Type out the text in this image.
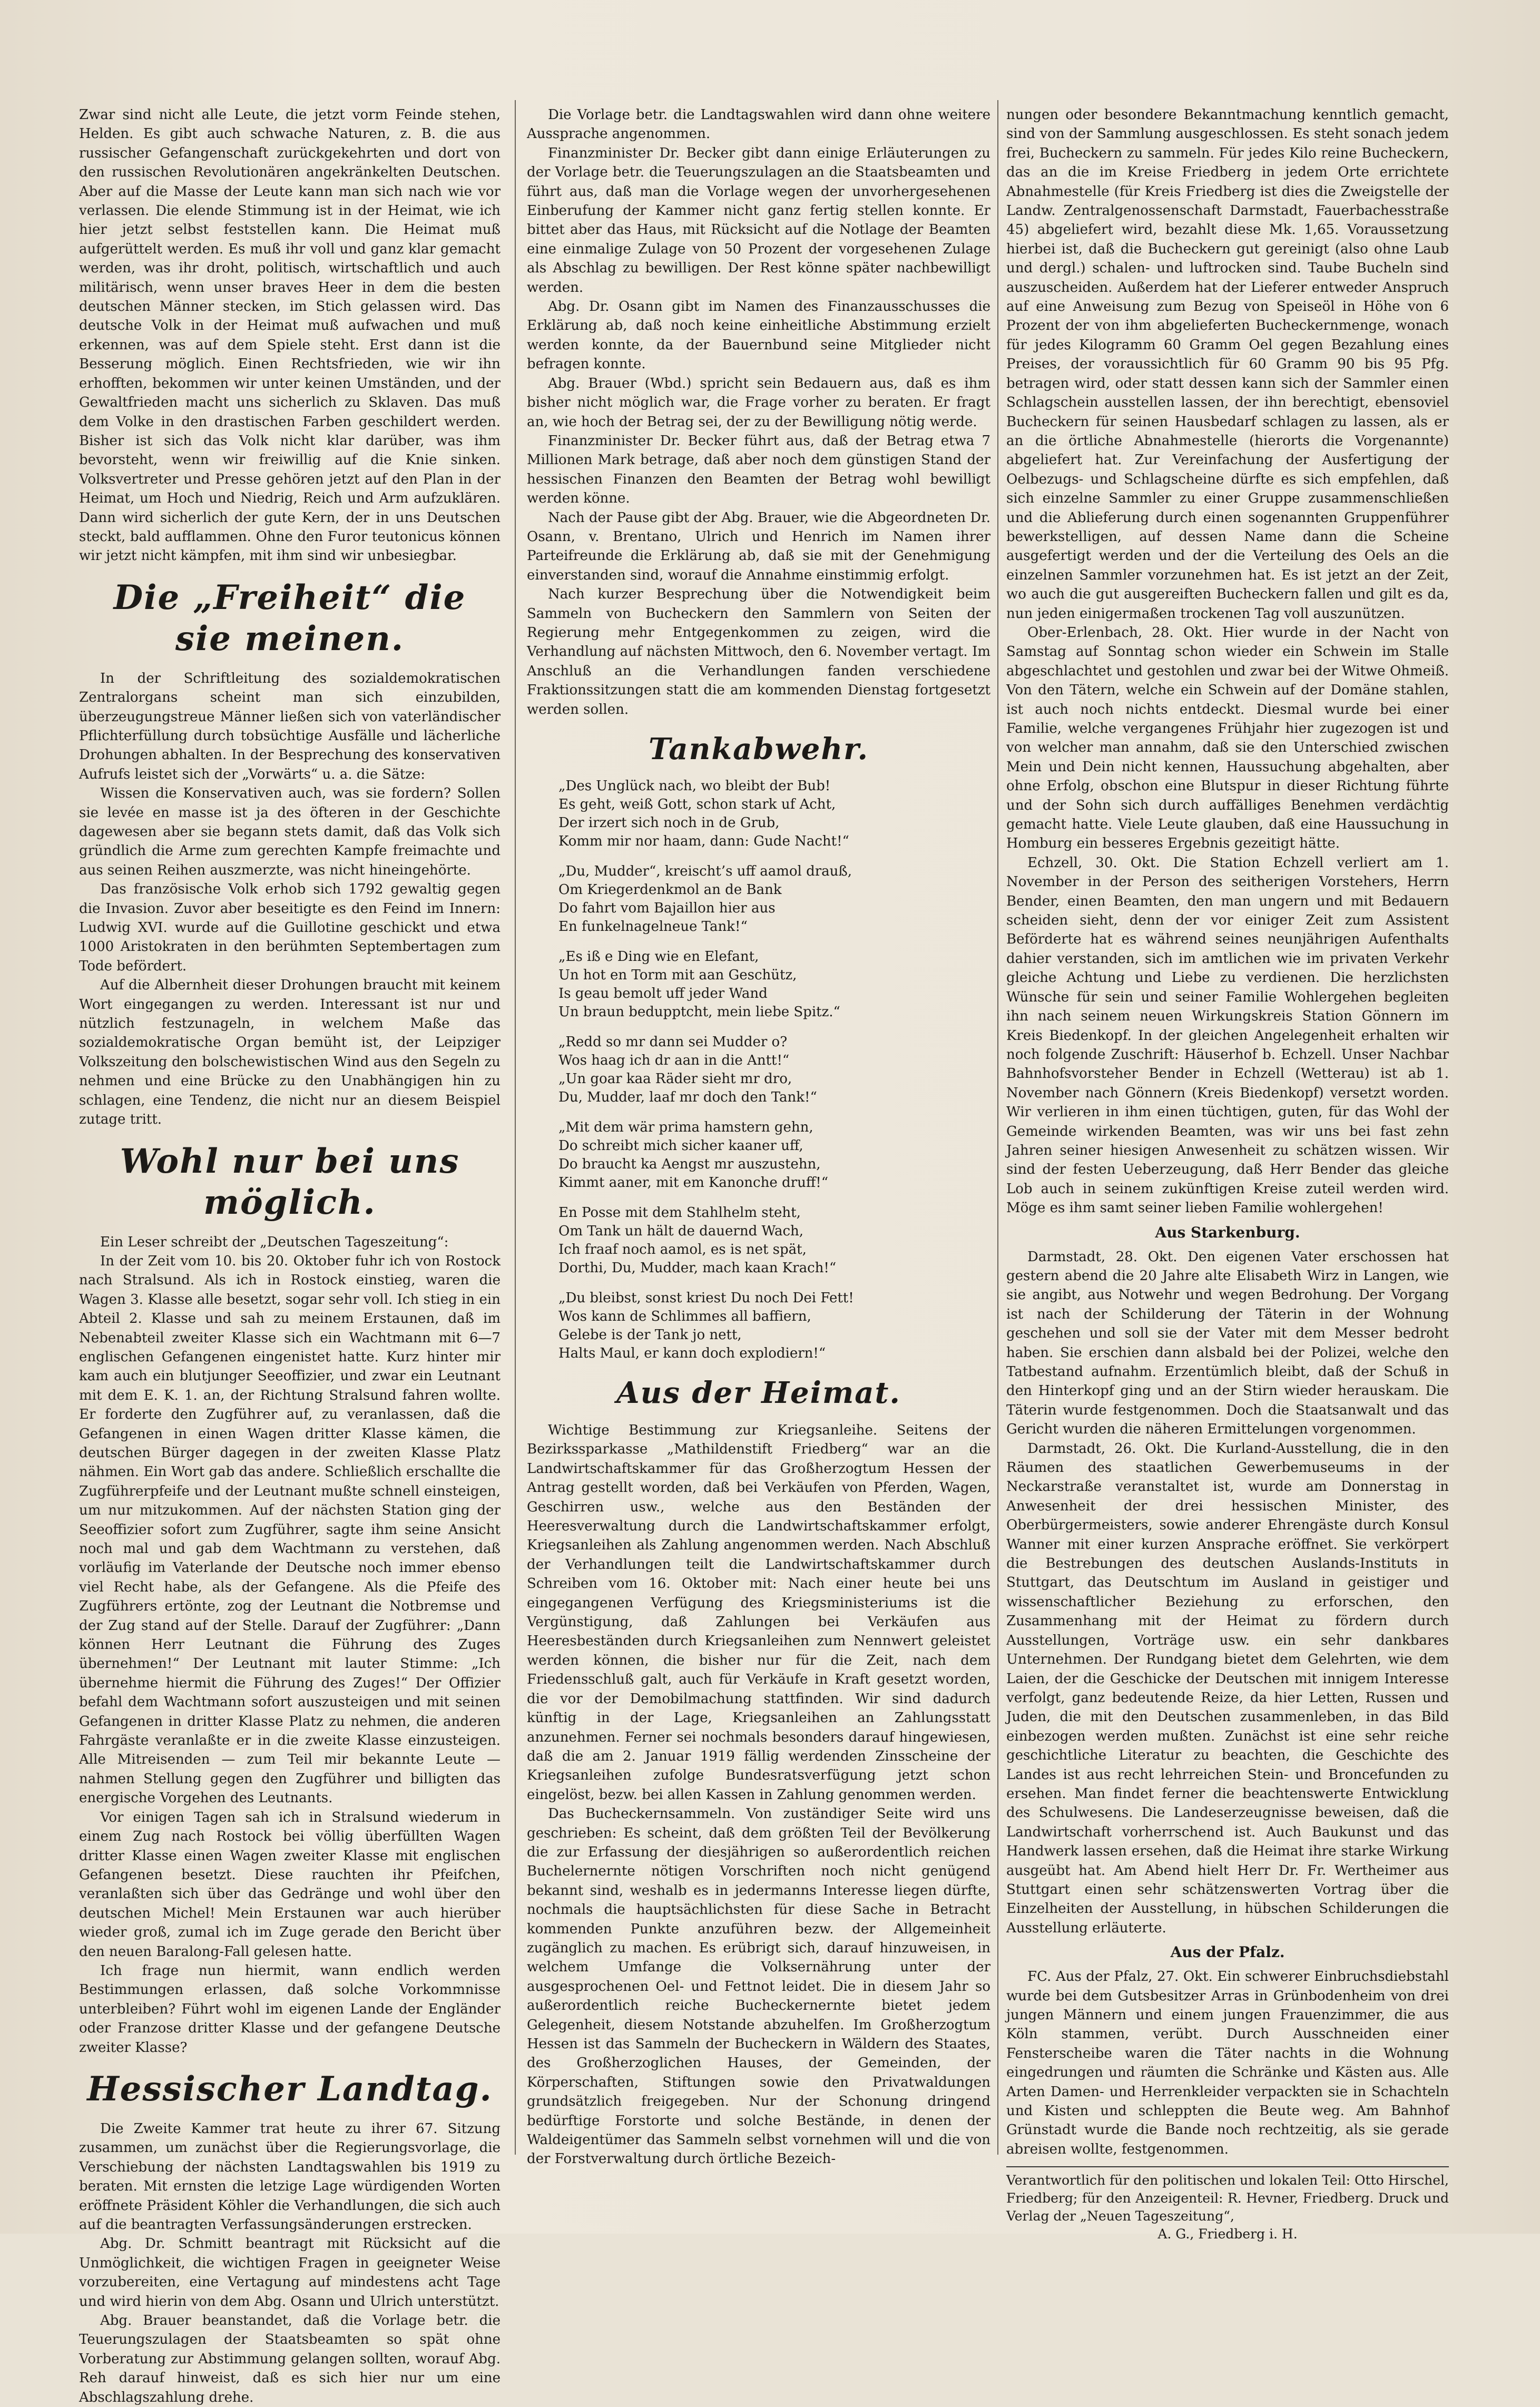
Zwar sind nicht alle Leute, die jetzt vorm Feinde stehen, Helden. Es gibt auch schwache Naturen, z. B. die aus russischer Gefangenschaft zurückgekehrten und dort von den russischen Revolutionären angekränkelten Deutschen. Aber auf die Masse der Leute kann man sich nach wie vor verlassen. Die elende Stimmung ist in der Heimat, wie ich hier jetzt selbst feststellen kann. Die Heimat muß aufgerüttelt werden. Es muß ihr voll und ganz klar gemacht werden, was ihr droht, politisch, wirtschaftlich und auch militärisch, wenn unser braves Heer in dem die besten deutschen Männer stecken, im Stich gelassen wird. Das deutsche Volk in der Heimat muß aufwachen und muß erkennen, was auf dem Spiele steht. Erst dann ist die Besserung möglich. Einen Rechtsfrieden, wie wir ihn erhofften, bekommen wir unter keinen Umständen, und der Gewaltfrieden macht uns sicherlich zu Sklaven. Das muß dem Volke in den drastischen Farben geschildert werden. Bisher ist sich das Volk nicht klar darüber, was ihm bevorsteht, wenn wir freiwillig auf die Knie sinken. Volksvertreter und Presse gehören jetzt auf den Plan in der Heimat, um Hoch und Niedrig, Reich und Arm aufzuklären. Dann wird sicherlich der gute Kern, der in uns Deutschen steckt, bald aufflammen. Ohne den Furor teutonicus können wir jetzt nicht kämpfen, mit ihm sind wir unbesiegbar.

Die „Freiheit“ die sie meinen.

In der Schriftleitung des sozialdemokratischen Zentralorgans scheint man sich einzubilden, überzeugungstreue Männer ließen sich von vaterländischer Pflichterfüllung durch tobsüchtige Ausfälle und lächerliche Drohungen abhalten. In der Besprechung des konservativen Aufrufs leistet sich der „Vorwärts“ u. a. die Sätze:

Wissen die Konservativen auch, was sie fordern? Sollen sie levée en masse ist ja des öfteren in der Geschichte dagewesen aber sie begann stets damit, daß das Volk sich gründlich die Arme zum gerechten Kampfe freimachte und aus seinen Reihen auszmerzte, was nicht hineingehörte.

Das französische Volk erhob sich 1792 gewaltig gegen die Invasion. Zuvor aber beseitigte es den Feind im Innern: Ludwig XVI. wurde auf die Guillotine geschickt und etwa 1000 Aristokraten in den berühmten Septembertagen zum Tode befördert.

Auf die Albernheit dieser Drohungen braucht mit keinem Wort eingegangen zu werden. Interessant ist nur und nützlich festzunageln, in welchem Maße das sozialdemokratische Organ bemüht ist, der Leipziger Volkszeitung den bolschewistischen Wind aus den Segeln zu nehmen und eine Brücke zu den Unabhängigen hin zu schlagen, eine Tendenz, die nicht nur an diesem Beispiel zutage tritt.

Wohl nur bei uns möglich.

Ein Leser schreibt der „Deutschen Tageszeitung“:

In der Zeit vom 10. bis 20. Oktober fuhr ich von Rostock nach Stralsund. Als ich in Rostock einstieg, waren die Wagen 3. Klasse alle besetzt, sogar sehr voll. Ich stieg in ein Abteil 2. Klasse und sah zu meinem Erstaunen, daß im Nebenabteil zweiter Klasse sich ein Wachtmann mit 6—7 englischen Gefangenen eingenistet hatte. Kurz hinter mir kam auch ein blutjunger Seeoffizier, und zwar ein Leutnant mit dem E. K. 1. an, der Richtung Stralsund fahren wollte. Er forderte den Zugführer auf, zu veranlassen, daß die Gefangenen in einen Wagen dritter Klasse kämen, die deutschen Bürger dagegen in der zweiten Klasse Platz nähmen. Ein Wort gab das andere. Schließlich erschallte die Zugführerpfeife und der Leutnant mußte schnell einsteigen, um nur mitzukommen. Auf der nächsten Station ging der Seeoffizier sofort zum Zugführer, sagte ihm seine Ansicht noch mal und gab dem Wachtmann zu verstehen, daß vorläufig im Vaterlande der Deutsche noch immer ebenso viel Recht habe, als der Gefangene. Als die Pfeife des Zugführers ertönte, zog der Leutnant die Notbremse und der Zug stand auf der Stelle. Darauf der Zugführer: „Dann können Herr Leutnant die Führung des Zuges übernehmen!“ Der Leutnant mit lauter Stimme: „Ich übernehme hiermit die Führung des Zuges!“ Der Offizier befahl dem Wachtmann sofort auszusteigen und mit seinen Gefangenen in dritter Klasse Platz zu nehmen, die anderen Fahrgäste veranlaßte er in die zweite Klasse einzusteigen. Alle Mitreisenden — zum Teil mir bekannte Leute — nahmen Stellung gegen den Zugführer und billigten das energische Vorgehen des Leutnants.

Vor einigen Tagen sah ich in Stralsund wiederum in einem Zug nach Rostock bei völlig überfüllten Wagen dritter Klasse einen Wagen zweiter Klasse mit englischen Gefangenen besetzt. Diese rauchten ihr Pfeifchen, veranlaßten sich über das Gedränge und wohl über den deutschen Michel! Mein Erstaunen war auch hierüber wieder groß, zumal ich im Zuge gerade den Bericht über den neuen Baralong-Fall gelesen hatte.

Ich frage nun hiermit, wann endlich werden Bestimmungen erlassen, daß solche Vorkommnisse unterbleiben? Führt wohl im eigenen Lande der Engländer oder Franzose dritter Klasse und der gefangene Deutsche zweiter Klasse?

Hessischer Landtag.

Die Zweite Kammer trat heute zu ihrer 67. Sitzung zusammen, um zunächst über die Regierungsvorlage, die Verschiebung der nächsten Landtagswahlen bis 1919 zu beraten. Mit ernsten die letzige Lage würdigenden Worten eröffnete Präsident Köhler die Verhandlungen, die sich auch auf die beantragten Verfassungsänderungen erstrecken.

Abg. Dr. Schmitt beantragt mit Rücksicht auf die Unmöglichkeit, die wichtigen Fragen in geeigneter Weise vorzubereiten, eine Vertagung auf mindestens acht Tage und wird hierin von dem Abg. Osann und Ulrich unterstützt.

Abg. Brauer beanstandet, daß die Vorlage betr. die Teuerungszulagen der Staatsbeamten so spät ohne Vorberatung zur Abstimmung gelangen sollten, worauf Abg. Reh darauf hinweist, daß es sich hier nur um eine Abschlagszahlung drehe.

Die Vorlage betr. die Landtagswahlen wird dann ohne weitere Aussprache angenommen.

Finanzminister Dr. Becker gibt dann einige Erläuterungen zu der Vorlage betr. die Teuerungszulagen an die Staatsbeamten und führt aus, daß man die Vorlage wegen der unvorhergesehenen Einberufung der Kammer nicht ganz fertig stellen konnte. Er bittet aber das Haus, mit Rücksicht auf die Notlage der Beamten eine einmalige Zulage von 50 Prozent der vorgesehenen Zulage als Abschlag zu bewilligen. Der Rest könne später nachbewilligt werden.

Abg. Dr. Osann gibt im Namen des Finanzausschusses die Erklärung ab, daß noch keine einheitliche Abstimmung erzielt werden konnte, da der Bauernbund seine Mitglieder nicht befragen konnte.

Abg. Brauer (Wbd.) spricht sein Bedauern aus, daß es ihm bisher nicht möglich war, die Frage vorher zu beraten. Er fragt an, wie hoch der Betrag sei, der zu der Bewilligung nötig werde.

Finanzminister Dr. Becker führt aus, daß der Betrag etwa 7 Millionen Mark betrage, daß aber noch dem günstigen Stand der hessischen Finanzen den Beamten der Betrag wohl bewilligt werden könne.

Nach der Pause gibt der Abg. Brauer, wie die Abgeordneten Dr. Osann, v. Brentano, Ulrich und Henrich im Namen ihrer Parteifreunde die Erklärung ab, daß sie mit der Genehmigung einverstanden sind, worauf die Annahme einstimmig erfolgt.

Nach kurzer Besprechung über die Notwendigkeit beim Sammeln von Bucheckern den Sammlern von Seiten der Regierung mehr Entgegenkommen zu zeigen, wird die Verhandlung auf nächsten Mittwoch, den 6. November vertagt. Im Anschluß an die Verhandlungen fanden verschiedene Fraktionssitzungen statt die am kommenden Dienstag fortgesetzt werden sollen.

Tankabwehr.
„Des Unglück nach, wo bleibt der Bub!
Es geht, weiß Gott, schon stark uf Acht,
Der irzert sich noch in de Grub,
Komm mir nor haam, dann: Gude Nacht!“
„Du, Mudder“, kreischt’s uff aamol drauß,
Om Kriegerdenkmol an de Bank
Do fahrt vom Bajaillon hier aus
En funkelnagelneue Tank!“
„Es iß e Ding wie en Elefant,
Un hot en Torm mit aan Geschütz,
Is geau bemolt uff jeder Wand
Un braun bedupptcht, mein liebe Spitz.“
„Redd so mr dann sei Mudder o?
Wos haag ich dr aan in die Antt!“
„Un goar kaa Räder sieht mr dro,
Du, Mudder, laaf mr doch den Tank!“
„Mit dem wär prima hamstern gehn,
Do schreibt mich sicher kaaner uff,
Do braucht ka Aengst mr auszustehn,
Kimmt aaner, mit em Kanonche druff!“
En Posse mit dem Stahlhelm steht,
Om Tank un hält de dauernd Wach,
Ich fraaf noch aamol, es is net spät,
Dorthi, Du, Mudder, mach kaan Krach!“
„Du bleibst, sonst kriest Du noch Dei Fett!
Wos kann de Schlimmes all baffiern,
Gelebe is der Tank jo nett,
Halts Maul, er kann doch explodiern!“
Aus der Heimat.

Wichtige Bestimmung zur Kriegsanleihe. Seitens der Bezirkssparkasse „Mathildenstift Friedberg“ war an die Landwirtschaftskammer für das Großherzogtum Hessen der Antrag gestellt worden, daß bei Verkäufen von Pferden, Wagen, Geschirren usw., welche aus den Beständen der Heeresverwaltung durch die Landwirtschaftskammer erfolgt, Kriegsanleihen als Zahlung angenommen werden. Nach Abschluß der Verhandlungen teilt die Landwirtschaftskammer durch Schreiben vom 16. Oktober mit: Nach einer heute bei uns eingegangenen Verfügung des Kriegsministeriums ist die Vergünstigung, daß Zahlungen bei Verkäufen aus Heeresbeständen durch Kriegsanleihen zum Nennwert geleistet werden können, die bisher nur für die Zeit, nach dem Friedensschluß galt, auch für Verkäufe in Kraft gesetzt worden, die vor der Demobilmachung stattfinden. Wir sind dadurch künftig in der Lage, Kriegsanleihen an Zahlungsstatt anzunehmen. Ferner sei nochmals besonders darauf hingewiesen, daß die am 2. Januar 1919 fällig werdenden Zinsscheine der Kriegsanleihen zufolge Bundesratsverfügung jetzt schon eingelöst, bezw. bei allen Kassen in Zahlung genommen werden.

Das Bucheckernsammeln. Von zuständiger Seite wird uns geschrieben: Es scheint, daß dem größten Teil der Bevölkerung die zur Erfassung der diesjährigen so außerordentlich reichen Buchelernernte nötigen Vorschriften noch nicht genügend bekannt sind, weshalb es in jedermanns Interesse liegen dürfte, nochmals die hauptsächlichsten für diese Sache in Betracht kommenden Punkte anzuführen bezw. der Allgemeinheit zugänglich zu machen. Es erübrigt sich, darauf hinzuweisen, in welchem Umfange die Volksernährung unter der ausgesprochenen Oel- und Fettnot leidet. Die in diesem Jahr so außerordentlich reiche Bucheckernernte bietet jedem Gelegenheit, diesem Notstande abzuhelfen. Im Großherzogtum Hessen ist das Sammeln der Bucheckern in Wäldern des Staates, des Großherzoglichen Hauses, der Gemeinden, der Körperschaften, Stiftungen sowie den Privatwaldungen grundsätzlich freigegeben. Nur der Schonung dringend bedürftige Forstorte und solche Bestände, in denen der Waldeigentümer das Sammeln selbst vornehmen will und die von der Forstverwaltung durch örtliche Bezeich-

nungen oder besondere Bekanntmachung kenntlich gemacht, sind von der Sammlung ausgeschlossen. Es steht sonach jedem frei, Bucheckern zu sammeln. Für jedes Kilo reine Bucheckern, das an die im Kreise Friedberg in jedem Orte errichtete Abnahmestelle (für Kreis Friedberg ist dies die Zweigstelle der Landw. Zentralgenossenschaft Darmstadt, Fauerbachesstraße 45) abgeliefert wird, bezahlt diese Mk. 1,65. Voraussetzung hierbei ist, daß die Bucheckern gut gereinigt (also ohne Laub und dergl.) schalen- und luftrocken sind. Taube Bucheln sind auszuscheiden. Außerdem hat der Lieferer entweder Anspruch auf eine Anweisung zum Bezug von Speiseöl in Höhe von 6 Prozent der von ihm abgelieferten Bucheckernmenge, wonach für jedes Kilogramm 60 Gramm Oel gegen Bezahlung eines Preises, der voraussichtlich für 60 Gramm 90 bis 95 Pfg. betragen wird, oder statt dessen kann sich der Sammler einen Schlagschein ausstellen lassen, der ihn berechtigt, ebensoviel Bucheckern für seinen Hausbedarf schlagen zu lassen, als er an die örtliche Abnahmestelle (hierorts die Vorgenannte) abgeliefert hat. Zur Vereinfachung der Ausfertigung der Oelbezugs- und Schlagscheine dürfte es sich empfehlen, daß sich einzelne Sammler zu einer Gruppe zusammenschließen und die Ablieferung durch einen sogenannten Gruppenführer bewerkstelligen, auf dessen Name dann die Scheine ausgefertigt werden und der die Verteilung des Oels an die einzelnen Sammler vorzunehmen hat. Es ist jetzt an der Zeit, wo auch die gut ausgereiften Bucheckern fallen und gilt es da, nun jeden einigermaßen trockenen Tag voll auszunützen.

Ober-Erlenbach, 28. Okt. Hier wurde in der Nacht von Samstag auf Sonntag schon wieder ein Schwein im Stalle abgeschlachtet und gestohlen und zwar bei der Witwe Ohmeiß. Von den Tätern, welche ein Schwein auf der Domäne stahlen, ist auch noch nichts entdeckt. Diesmal wurde bei einer Familie, welche vergangenes Frühjahr hier zugezogen ist und von welcher man annahm, daß sie den Unterschied zwischen Mein und Dein nicht kennen, Haussuchung abgehalten, aber ohne Erfolg, obschon eine Blutspur in dieser Richtung führte und der Sohn sich durch auffälliges Benehmen verdächtig gemacht hatte. Viele Leute glauben, daß eine Haussuchung in Homburg ein besseres Ergebnis gezeitigt hätte.

Echzell, 30. Okt. Die Station Echzell verliert am 1. November in der Person des seitherigen Vorstehers, Herrn Bender, einen Beamten, den man ungern und mit Bedauern scheiden sieht, denn der vor einiger Zeit zum Assistent Beförderte hat es während seines neunjährigen Aufenthalts dahier verstanden, sich im amtlichen wie im privaten Verkehr gleiche Achtung und Liebe zu verdienen. Die herzlichsten Wünsche für sein und seiner Familie Wohlergehen begleiten ihn nach seinem neuen Wirkungskreis Station Gönnern im Kreis Biedenkopf. In der gleichen Angelegenheit erhalten wir noch folgende Zuschrift: Häuserhof b. Echzell. Unser Nachbar Bahnhofsvorsteher Bender in Echzell (Wetterau) ist ab 1. November nach Gönnern (Kreis Biedenkopf) versetzt worden. Wir verlieren in ihm einen tüchtigen, guten, für das Wohl der Gemeinde wirkenden Beamten, was wir uns bei fast zehn Jahren seiner hiesigen Anwesenheit zu schätzen wissen. Wir sind der festen Ueberzeugung, daß Herr Bender das gleiche Lob auch in seinem zukünftigen Kreise zuteil werden wird. Möge es ihm samt seiner lieben Familie wohlergehen!

Aus Starkenburg.

Darmstadt, 28. Okt. Den eigenen Vater erschossen hat gestern abend die 20 Jahre alte Elisabeth Wirz in Langen, wie sie angibt, aus Notwehr und wegen Bedrohung. Der Vorgang ist nach der Schilderung der Täterin in der Wohnung geschehen und soll sie der Vater mit dem Messer bedroht haben. Sie erschien dann alsbald bei der Polizei, welche den Tatbestand aufnahm. Erzentümlich bleibt, daß der Schuß in den Hinterkopf ging und an der Stirn wieder herauskam. Die Täterin wurde festgenommen. Doch die Staatsanwalt und das Gericht wurden die näheren Ermittelungen vorgenommen.

Darmstadt, 26. Okt. Die Kurland-Ausstellung, die in den Räumen des staatlichen Gewerbemuseums in der Neckarstraße veranstaltet ist, wurde am Donnerstag in Anwesenheit der drei hessischen Minister, des Oberbürgermeisters, sowie anderer Ehrengäste durch Konsul Wanner mit einer kurzen Ansprache eröffnet. Sie verkörpert die Bestrebungen des deutschen Auslands-Instituts in Stuttgart, das Deutschtum im Ausland in geistiger und wissenschaftlicher Beziehung zu erforschen, den Zusammenhang mit der Heimat zu fördern durch Ausstellungen, Vorträge usw. ein sehr dankbares Unternehmen. Der Rundgang bietet dem Gelehrten, wie dem Laien, der die Geschicke der Deutschen mit innigem Interesse verfolgt, ganz bedeutende Reize, da hier Letten, Russen und Juden, die mit den Deutschen zusammenleben, in das Bild einbezogen werden mußten. Zunächst ist eine sehr reiche geschichtliche Literatur zu beachten, die Geschichte des Landes ist aus recht lehrreichen Stein- und Broncefunden zu ersehen. Man findet ferner die beachtenswerte Entwicklung des Schulwesens. Die Landeserzeugnisse beweisen, daß die Landwirtschaft vorherrschend ist. Auch Baukunst und das Handwerk lassen ersehen, daß die Heimat ihre starke Wirkung ausgeübt hat. Am Abend hielt Herr Dr. Fr. Wertheimer aus Stuttgart einen sehr schätzenswerten Vortrag über die Einzelheiten der Ausstellung, in hübschen Schilderungen die Ausstellung erläuterte.

Aus der Pfalz.

FC. Aus der Pfalz, 27. Okt. Ein schwerer Einbruchsdiebstahl wurde bei dem Gutsbesitzer Arras in Grünbodenheim von drei jungen Männern und einem jungen Frauenzimmer, die aus Köln stammen, verübt. Durch Ausschneiden einer Fensterscheibe waren die Täter nachts in die Wohnung eingedrungen und räumten die Schränke und Kästen aus. Alle Arten Damen- und Herrenkleider verpackten sie in Schachteln und Kisten und schleppten die Beute weg. Am Bahnhof Grünstadt wurde die Bande noch rechtzeitig, als sie gerade abreisen wollte, festgenommen.

Verantwortlich für den politischen und lokalen Teil: Otto Hirschel, Friedberg; für den Anzeigenteil: R. Hevner, Friedberg. Druck und Verlag der „Neuen Tageszeitung“,
A. G., Friedberg i. H.
